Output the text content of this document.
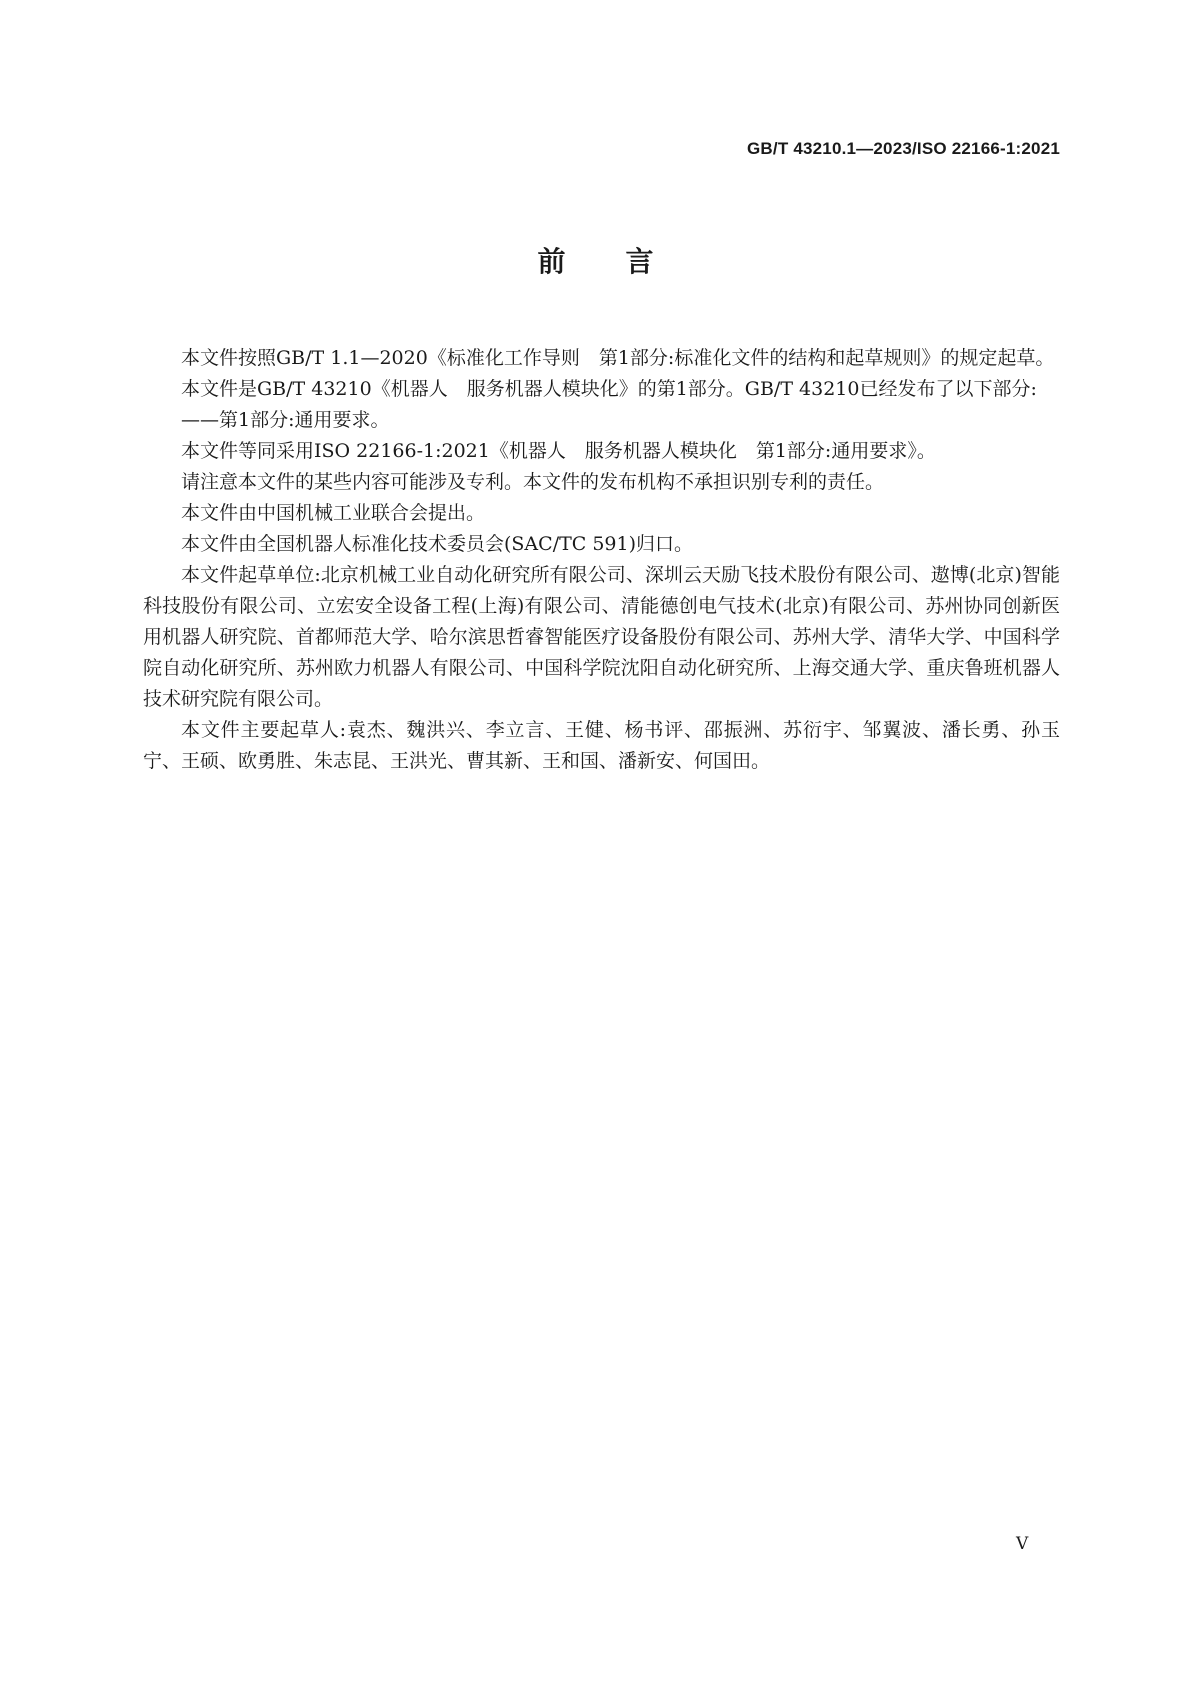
GB/T 43210.1—2023/ISO 22166-1:2021
前言

本文件按照GB/T 1.1—2020《标准化工作导则　第1部分:标准化文件的结构和起草规则》的规定起草。

本文件是GB/T 43210《机器人　服务机器人模块化》的第1部分。GB/T 43210已经发布了以下部分:

——第1部分:通用要求。

本文件等同采用ISO 22166-1:2021《机器人　服务机器人模块化　第1部分:通用要求》。

请注意本文件的某些内容可能涉及专利。本文件的发布机构不承担识别专利的责任。

本文件由中国机械工业联合会提出。

本文件由全国机器人标准化技术委员会(SAC/TC 591)归口。

本文件起草单位:北京机械工业自动化研究所有限公司、深圳云天励飞技术股份有限公司、遨博(北京)智能科技股份有限公司、立宏安全设备工程(上海)有限公司、清能德创电气技术(北京)有限公司、苏州协同创新医用机器人研究院、首都师范大学、哈尔滨思哲睿智能医疗设备股份有限公司、苏州大学、清华大学、中国科学院自动化研究所、苏州欧力机器人有限公司、中国科学院沈阳自动化研究所、上海交通大学、重庆鲁班机器人技术研究院有限公司。

本文件主要起草人:袁杰、魏洪兴、李立言、王健、杨书评、邵振洲、苏衍宇、邹翼波、潘长勇、孙玉宁、王硕、欧勇胜、朱志昆、王洪光、曹其新、王和国、潘新安、何国田。

V
